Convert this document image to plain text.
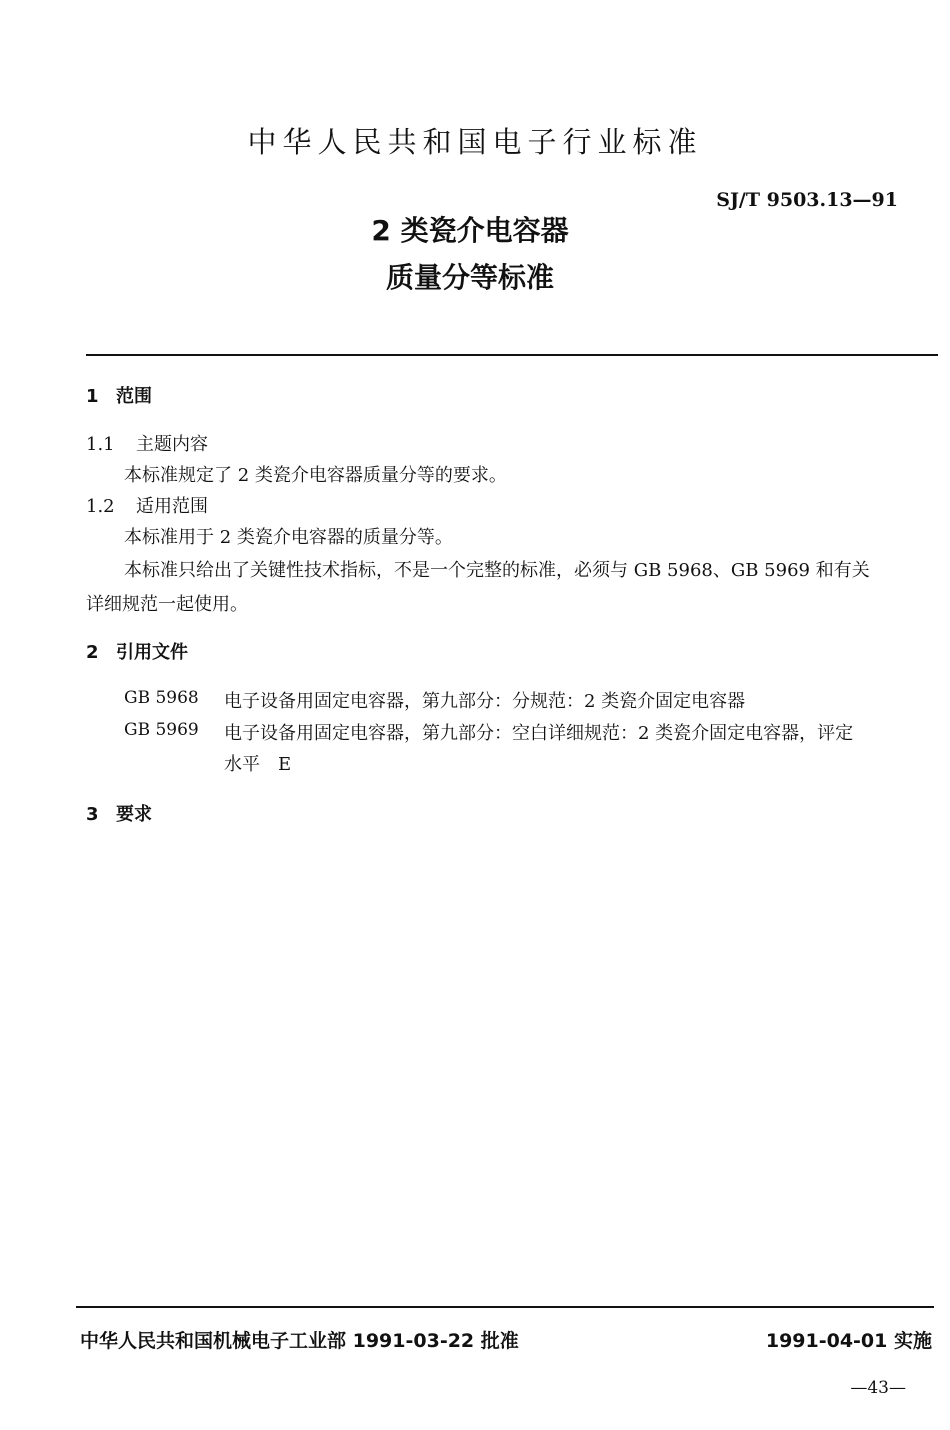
中华人民共和国电子行业标准
SJ/T 9503.13—91
2 类瓷介电容器
质量分等标准
1 范围
1.1 主题内容
本标准规定了 2 类瓷介电容器质量分等的要求。
1.2 适用范围
本标准用于 2 类瓷介电容器的质量分等。
本标准只给出了关键性技术指标，不是一个完整的标准，必须与 GB 5968、GB 5969 和有关
详细规范一起使用。
2 引用文件
GB 5968 电子设备用固定电容器，第九部分：分规范：2 类瓷介固定电容器
GB 5969 电子设备用固定电容器，第九部分：空白详细规范：2 类瓷介固定电容器，评定
水平　E
3 要求
中华人民共和国机械电子工业部 1991-03-22 批准	1991-04-01 实施
—43—
